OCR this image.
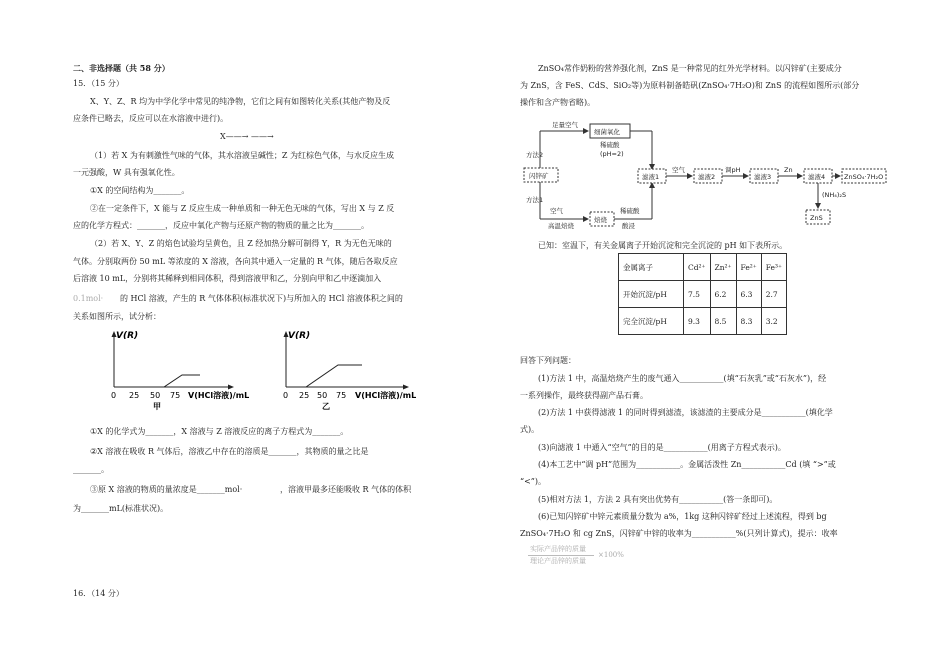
二、非选择题（共 58 分）
15．（15 分）
X、Y、Z、R 均为中学化学中常见的纯净物，它们之间有如图转化关系(其他产物及反
应条件已略去，反应可以在水溶液中进行)。
X——→ ——→
（1）若 X 为有刺激性气味的气体，其水溶液呈碱性；Z 为红棕色气体，与水反应生成
一元强酸，W 具有强氧化性。
①X 的空间结构为_______。
②在一定条件下，X 能与 Z 反应生成一种单质和一种无色无味的气体，写出 X 与 Z 反
应的化学方程式：_______，反应中氧化产物与还原产物的物质的量之比为_______。
（2）若 X、Y、Z 的焰色试验均呈黄色，且 Z 经加热分解可制得 Y，R 为无色无味的
气体。分别取两份 50 mL 等浓度的 X 溶液，各向其中通入一定量的 R 气体，随后各取反应
后溶液 10 mL，分别将其稀释到相同体积，得到溶液甲和乙，分别向甲和乙中逐滴加入
0.1mol· 的 HCl 溶液，产生的 R 气体体积(标准状况下)与所加入的 HCl 溶液体积之间的
关系如图所示，试分析：
V(R)
0 25 50 75 V(HCl溶液)/mL
甲
V(R)
0 25 50 75 V(HCl溶液)/mL
乙
①X 的化学式为_______，X 溶液与 Z 溶液反应的离子方程式为_______。
②X 溶液在吸收 R 气体后，溶液乙中存在的溶质是_______，其物质的量之比是
_______。
③原 X 溶液的物质的量浓度是_______mol·	，溶液甲最多还能吸收 R 气体的体积
为_______mL(标准状况)。
16．（14 分）
ZnSO₄常作奶粉的营养强化剂，ZnS 是一种常见的红外光学材料。以闪锌矿(主要成分
为 ZnS，含 FeS、CdS、SiO₂等)为原料制备皓矾(ZnSO₄·7H₂O)和 ZnS 的流程如图所示(部分
操作和含产物省略)。
闪锌矿
方法2
方法1
足量空气
细菌氧化
稀硫酸
(pH=2)
空气
高温焙烧
焙烧
稀硫酸
酸浸
滤液1
空气
滤液2
调pH
滤液3
Zn
滤液4	ZnSO₄·7H₂O
(NH₄)₂S
ZnS
已知：室温下，有关金属离子开始沉淀和完全沉淀的 pH 如下表所示。
金属离子	Cd²⁺	Zn²⁺	Fe²⁺	Fe³⁺
开始沉淀/pH	7.5	6.2	6.3	2.7
完全沉淀/pH	9.3	8.5	8.3	3.2
回答下列问题：
(1)方法 1 中，高温焙烧产生的废气通入___________(填“石灰乳”或“石灰水”)，经
一系列操作，最终获得副产品石膏。
(2)方法 1 中获得滤液 1 的同时得到滤渣，该滤渣的主要成分是___________(填化学
式)。
(3)向滤液 1 中通入“空气”的目的是___________(用离子方程式表示)。
(4)本工艺中“调 pH”范围为___________。金属活泼性 Zn___________Cd (填 “>”或
“<”)。
(5)相对方法 1，方法 2 具有突出优势有___________(答一条即可)。
(6)已知闪锌矿中锌元素质量分数为 a%，1kg 这种闪锌矿经过上述流程，得到 bg
ZnSO₄·7H₂O 和 cg ZnS，闪锌矿中锌的收率为___________%(只列计算式)，提示：收率
实际产品锌的质量
理论产品锌的质量
×100%
